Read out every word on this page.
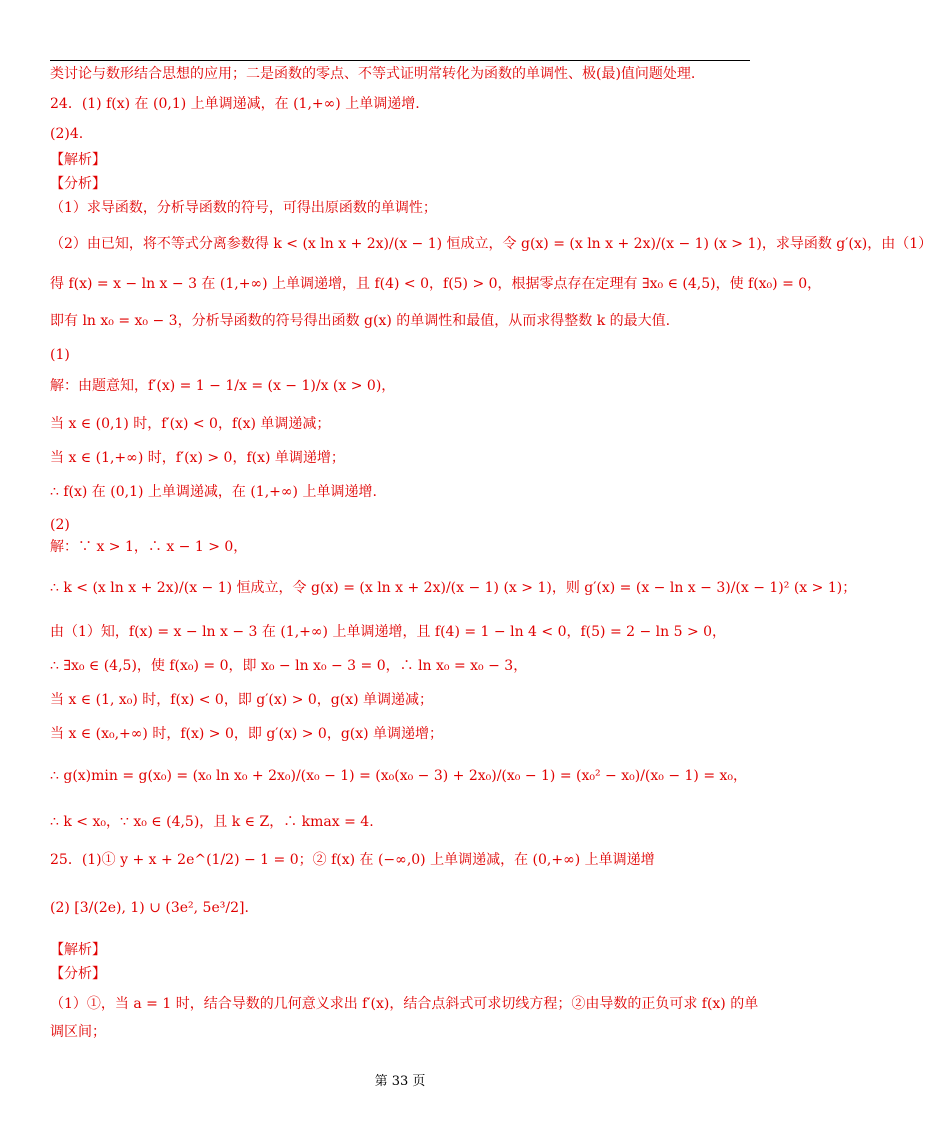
类讨论与数形结合思想的应用；二是函数的零点、不等式证明常转化为函数的单调性、极(最)值问题处理.
24．(1) f(x) 在 (0,1) 上单调递减，在 (1,+∞) 上单调递增.
(2)4.
【解析】
【分析】
（1）求导函数，分析导函数的符号，可得出原函数的单调性；
（2）由已知，将不等式分离参数得 k < (x ln x + 2x)/(x − 1) 恒成立，令 g(x) = (x ln x + 2x)/(x − 1) (x > 1)，求导函数 g′(x)，由（1）
得 f(x) = x − ln x − 3 在 (1,+∞) 上单调递增，且 f(4) < 0，f(5) > 0，根据零点存在定理有 ∃x₀ ∈ (4,5)，使 f(x₀) = 0，
即有 ln x₀ = x₀ − 3，分析导函数的符号得出函数 g(x) 的单调性和最值，从而求得整数 k 的最大值.
(1)
解：由题意知，f′(x) = 1 − 1/x = (x − 1)/x (x > 0)，
当 x ∈ (0,1) 时，f′(x) < 0，f(x) 单调递减；
当 x ∈ (1,+∞) 时，f′(x) > 0，f(x) 单调递增；
∴ f(x) 在 (0,1) 上单调递减，在 (1,+∞) 上单调递增.
(2)
解：∵ x > 1，∴ x − 1 > 0，
∴ k < (x ln x + 2x)/(x − 1) 恒成立，令 g(x) = (x ln x + 2x)/(x − 1) (x > 1)，则 g′(x) = (x − ln x − 3)/(x − 1)² (x > 1)；
由（1）知，f(x) = x − ln x − 3 在 (1,+∞) 上单调递增，且 f(4) = 1 − ln 4 < 0，f(5) = 2 − ln 5 > 0，
∴ ∃x₀ ∈ (4,5)，使 f(x₀) = 0，即 x₀ − ln x₀ − 3 = 0，∴ ln x₀ = x₀ − 3，
当 x ∈ (1, x₀) 时，f(x) < 0，即 g′(x) > 0，g(x) 单调递减；
当 x ∈ (x₀,+∞) 时，f(x) > 0，即 g′(x) > 0，g(x) 单调递增；
∴ g(x)min = g(x₀) = (x₀ ln x₀ + 2x₀)/(x₀ − 1) = (x₀(x₀ − 3) + 2x₀)/(x₀ − 1) = (x₀² − x₀)/(x₀ − 1) = x₀，
∴ k < x₀，∵ x₀ ∈ (4,5)，且 k ∈ Z，∴ kmax = 4.
25．(1)① y + x + 2e^(1/2) − 1 = 0；② f(x) 在 (−∞,0) 上单调递减，在 (0,+∞) 上单调递增
(2) [3/(2e), 1) ∪ (3e², 5e³/2].
【解析】
【分析】
（1）①，当 a = 1 时，结合导数的几何意义求出 f′(x)，结合点斜式可求切线方程；②由导数的正负可求 f(x) 的单
调区间；
第 33 页
